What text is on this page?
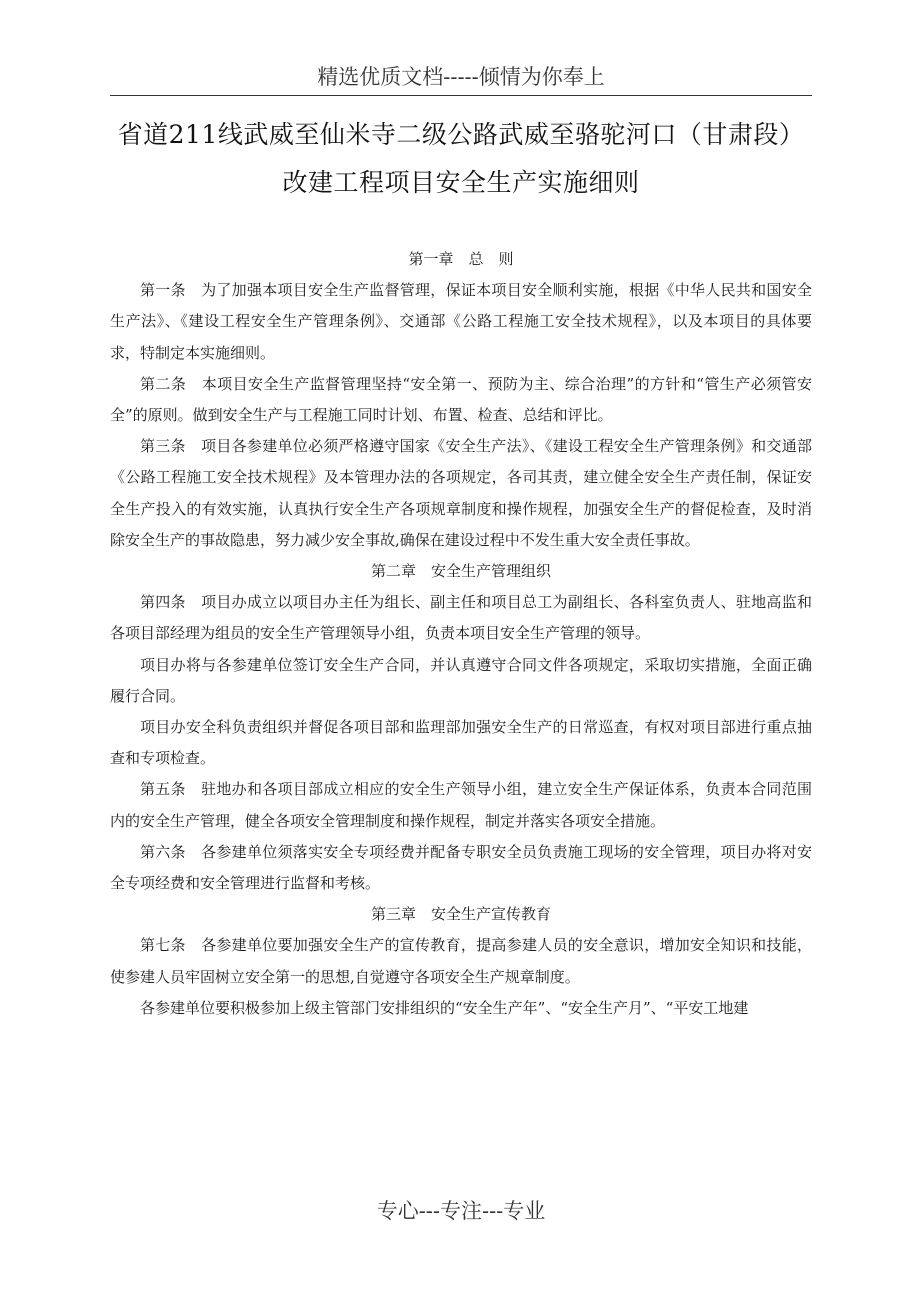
精选优质文档-----倾情为你奉上
省道211线武威至仙米寺二级公路武威至骆驼河口（甘肃段）
改建工程项目安全生产实施细则

第一章 总　则

第一条 为了加强本项目安全生产监督管理，保证本项目安全顺利实施，根据《中华人民共和国安全生产法》、《建设工程安全生产管理条例》、交通部《公路工程施工安全技术规程》，以及本项目的具体要求，特制定本实施细则。

第二条 本项目安全生产监督管理坚持“安全第一、预防为主、综合治理”的方针和“管生产必须管安全”的原则。做到安全生产与工程施工同时计划、布置、检查、总结和评比。

第三条 项目各参建单位必须严格遵守国家《安全生产法》、《建设工程安全生产管理条例》和交通部《公路工程施工安全技术规程》及本管理办法的各项规定，各司其责，建立健全安全生产责任制，保证安全生产投入的有效实施，认真执行安全生产各项规章制度和操作规程，加强安全生产的督促检查，及时消除安全生产的事故隐患，努力减少安全事故,确保在建设过程中不发生重大安全责任事故。

第二章 安全生产管理组织

第四条 项目办成立以项目办主任为组长、副主任和项目总工为副组长、各科室负责人、驻地高监和各项目部经理为组员的安全生产管理领导小组，负责本项目安全生产管理的领导。

项目办将与各参建单位签订安全生产合同，并认真遵守合同文件各项规定，采取切实措施，全面正确履行合同。

项目办安全科负责组织并督促各项目部和监理部加强安全生产的日常巡查，有权对项目部进行重点抽查和专项检查。

第五条 驻地办和各项目部成立相应的安全生产领导小组，建立安全生产保证体系，负责本合同范围内的安全生产管理，健全各项安全管理制度和操作规程，制定并落实各项安全措施。

第六条 各参建单位须落实安全专项经费并配备专职安全员负责施工现场的安全管理，项目办将对安全专项经费和安全管理进行监督和考核。

第三章 安全生产宣传教育

第七条 各参建单位要加强安全生产的宣传教育，提高参建人员的安全意识，增加安全知识和技能，使参建人员牢固树立安全第一的思想,自觉遵守各项安全生产规章制度。

各参建单位要积极参加上级主管部门安排组织的“安全生产年”、“安全生产月”、“平安工地建

专心---专注---专业
